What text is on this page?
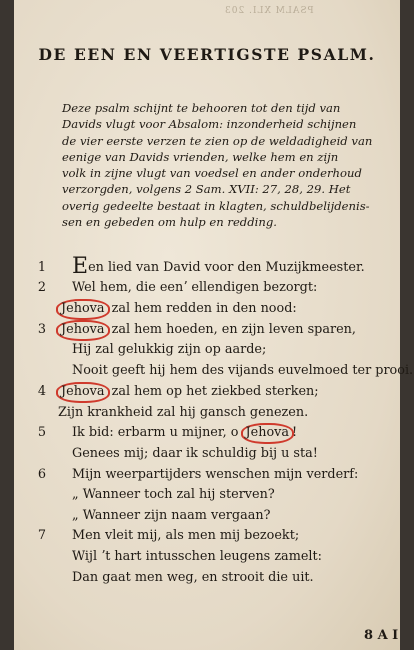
PSALM XLI. 203
DE EEN EN VEERTIGSTE PSALM.
Deze psalm schijnt te behooren tot den tijd van
Davids vlugt voor Absalom: inzonderheid schijnen
de vier eerste verzen te zien op de weldadigheid van
eenige van Davids vrienden, welke hem en zijn
volk in zijne vlugt van voedsel en ander onderhoud
verzorgden, volgens 2 Sam. XVII: 27, 28, 29. Het
overig gedeelte bestaat in klagten, schuldbelijdenis-
sen en gebeden om hulp en redding.
1 Een lied van David voor den Muzijkmeester.
2 Wel hem, die eenʼ ellendigen bezorgt:
Jehova zal hem redden in den nood:
3 Jehova zal hem hoeden, en zijn leven sparen,
Hij zal gelukkig zijn op aarde;
Nooit geeft hij hem des vijands euvelmoed ter prooi.
4 Jehova zal hem op het ziekbed sterken;
Zijn krankheid zal hij gansch genezen.
5 Ik bid: erbarm u mijner, o Jehova !
Genees mij; daar ik schuldig bij u sta!
6 Mijn weerpartijders wenschen mijn verderf:
„ Wanneer toch zal hij sterven?
„ Wanneer zijn naam vergaan?
7 Men vleit mij, als men mij bezoekt;
Wijl ʼt hart intusschen leugens zamelt:
Dan gaat men weg, en strooit die uit.
8 A I
